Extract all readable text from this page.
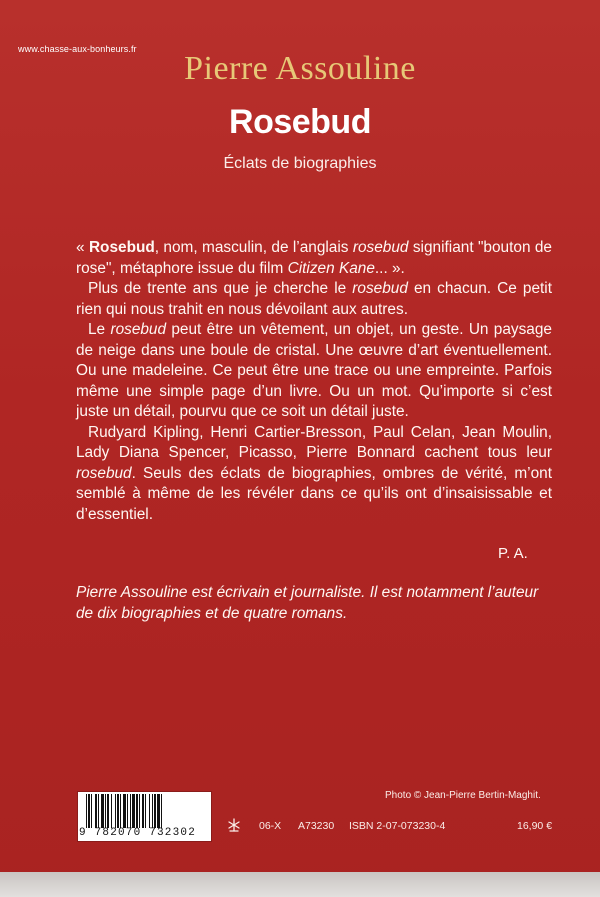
www.chasse-aux-bonheurs.fr
Pierre Assouline
Rosebud
Éclats de biographies

« Rosebud, nom, masculin, de l’anglais rosebud signifiant "bouton de rose", métaphore issue du film Citizen Kane... ».

Plus de trente ans que je cherche le rosebud en chacun. Ce petit rien qui nous trahit en nous dévoilant aux autres.

Le rosebud peut être un vêtement, un objet, un geste. Un paysage de neige dans une boule de cristal. Une œuvre d’art éventuellement. Ou une madeleine. Ce peut être une trace ou une empreinte. Parfois même une simple page d’un livre. Ou un mot. Qu’importe si c’est juste un détail, pourvu que ce soit un détail juste.

Rudyard Kipling, Henri Cartier-Bresson, Paul Celan, Jean Moulin, Lady Diana Spencer, Picasso, Pierre Bonnard cachent tous leur rosebud. Seuls des éclats de biographies, ombres de vérité, m’ont semblé à même de les révéler dans ce qu’ils ont d’insaisissable et d’essentiel.

P. A.
Pierre Assouline est écrivain et journaliste. Il est notamment l’auteur de dix biographies et de quatre romans.
9 782070 732302
Photo © Jean-Pierre Bertin-Maghit.
06-X A73230 ISBN 2-07-073230-4	16,90 €
